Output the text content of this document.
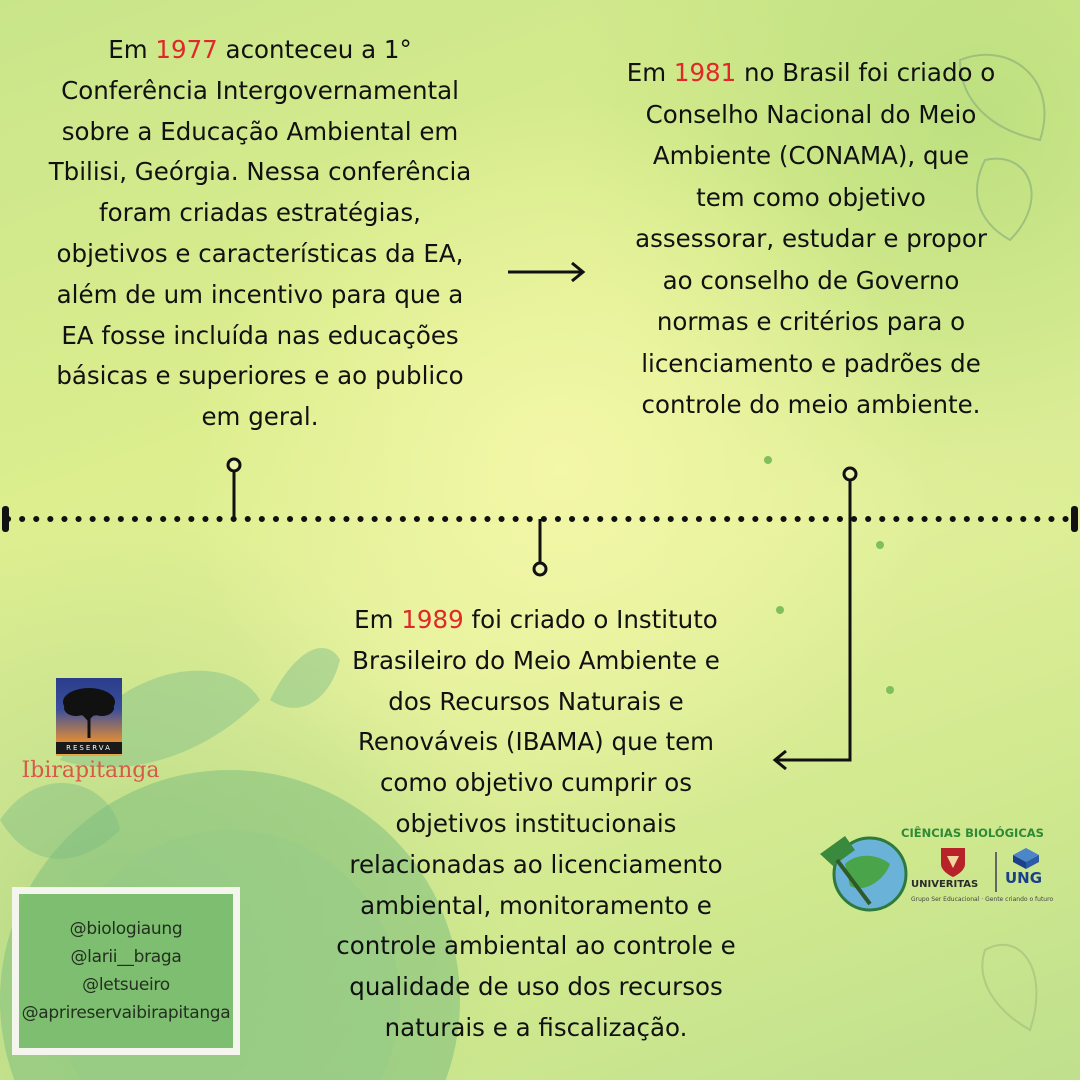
Em 1977 aconteceu a 1°
Conferência Intergovernamental
sobre a Educação Ambiental em
Tbilisi, Geórgia. Nessa conferência
foram criadas estratégias,
objetivos e características da EA,
além de um incentivo para que a
EA fosse incluída nas educações
básicas e superiores e ao publico
em geral.
Em 1981 no Brasil foi criado o
Conselho Nacional do Meio
Ambiente (CONAMA), que
tem como objetivo
assessorar, estudar e propor
ao conselho de Governo
normas e critérios para o
licenciamento e padrões de
controle do meio ambiente.
Em 1989 foi criado o Instituto
Brasileiro do Meio Ambiente e
dos Recursos Naturais e
Renováveis (IBAMA) que tem
como objetivo cumprir os
objetivos institucionais
relacionadas ao licenciamento
ambiental, monitoramento e
controle ambiental ao controle e
qualidade de uso dos recursos
naturais e a fiscalização.
RESERVA
Ibirapitanga
@biologiaung
@larii__braga
@letsueiro
@aprireservaibirapitanga
CIÊNCIAS BIOLÓGICAS
UNIVERITAS UNG
Grupo Ser Educacional · Gente criando o futuro
